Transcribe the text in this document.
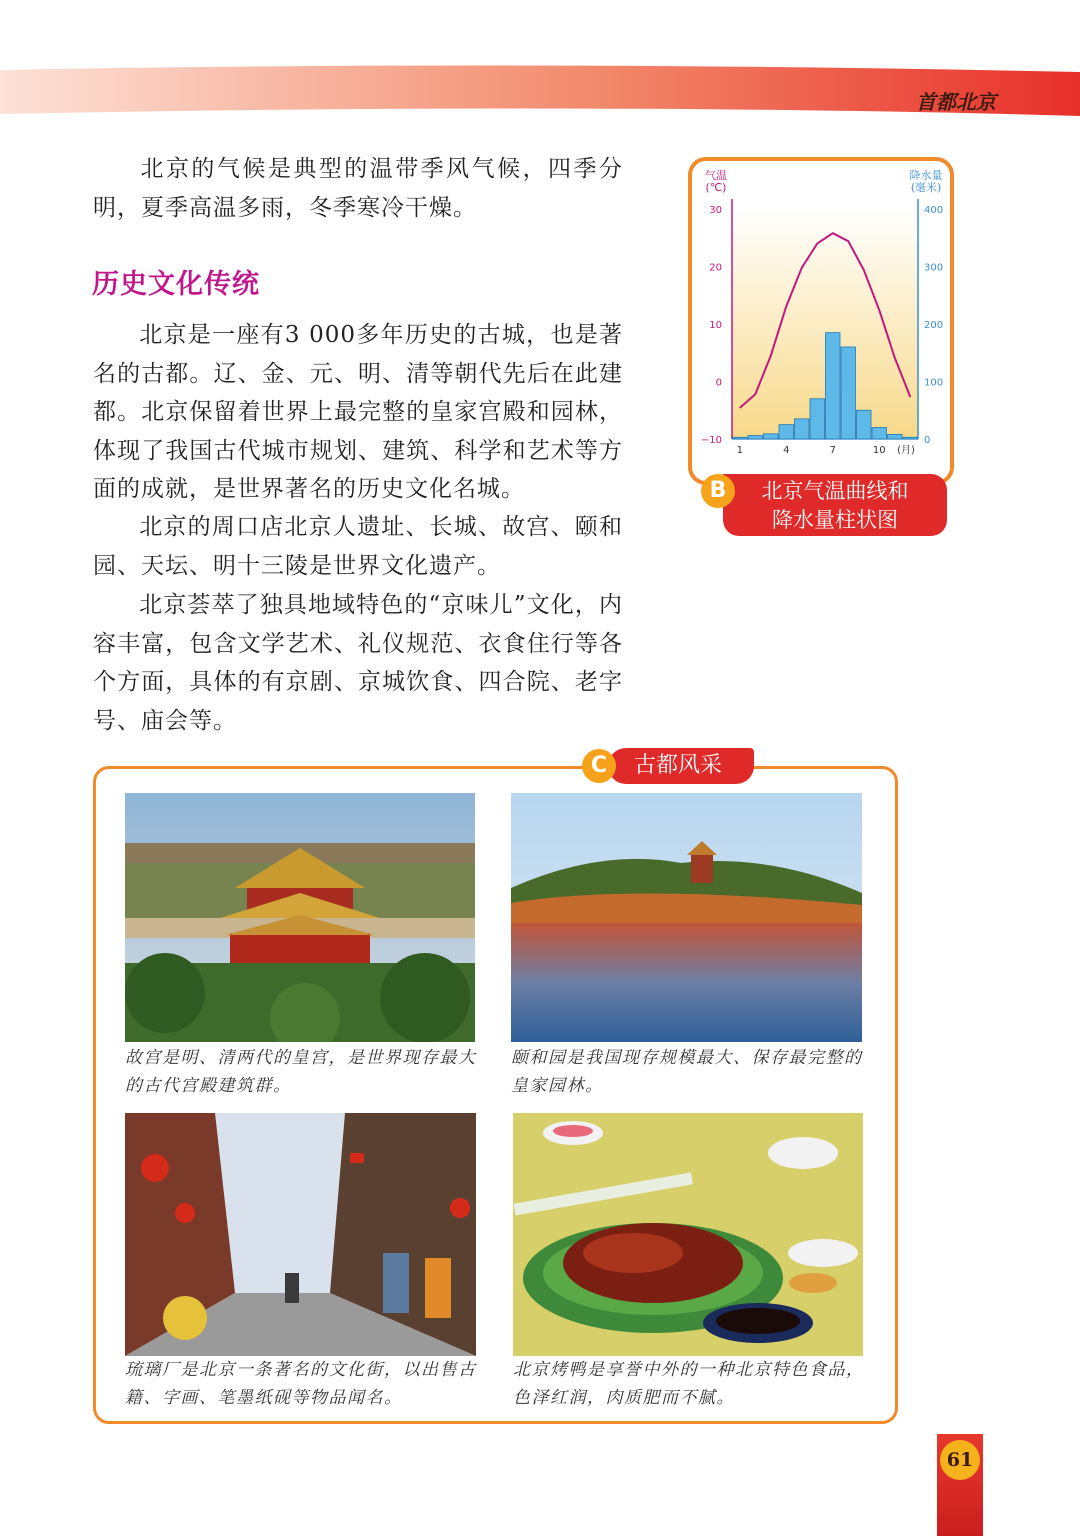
首都北京

北京的气候是典型的温带季风气候，四季分明，夏季高温多雨，冬季寒冷干燥。

历史文化传统

北京是一座有3 000多年历史的古城，也是著名的古都。辽、金、元、明、清等朝代先后在此建都。北京保留着世界上最完整的皇家宫殿和园林，体现了我国古代城市规划、建筑、科学和艺术等方面的成就，是世界著名的历史文化名城。

北京的周口店北京人遗址、长城、故宫、颐和园、天坛、明十三陵是世界文化遗产。

北京荟萃了独具地域特色的“京味儿”文化，内容丰富，包含文学艺术、礼仪规范、衣食住行等各个方面，具体的有京剧、京城饮食、四合院、老字号、庙会等。

气温
(℃)
降水量
(毫米)
30
20
10
0
−10
400
300
200
100
0
1	4	7	10 (月)
北京气温曲线和
降水量柱状图
B
古都风采
C

故宫是明、清两代的皇宫，是世界现存最大的古代宫殿建筑群。

颐和园是我国现存规模最大、保存最完整的皇家园林。

琉璃厂是北京一条著名的文化街，以出售古籍、字画、笔墨纸砚等物品闻名。

北京烤鸭是享誉中外的一种北京特色食品，色泽红润，肉质肥而不腻。

61
